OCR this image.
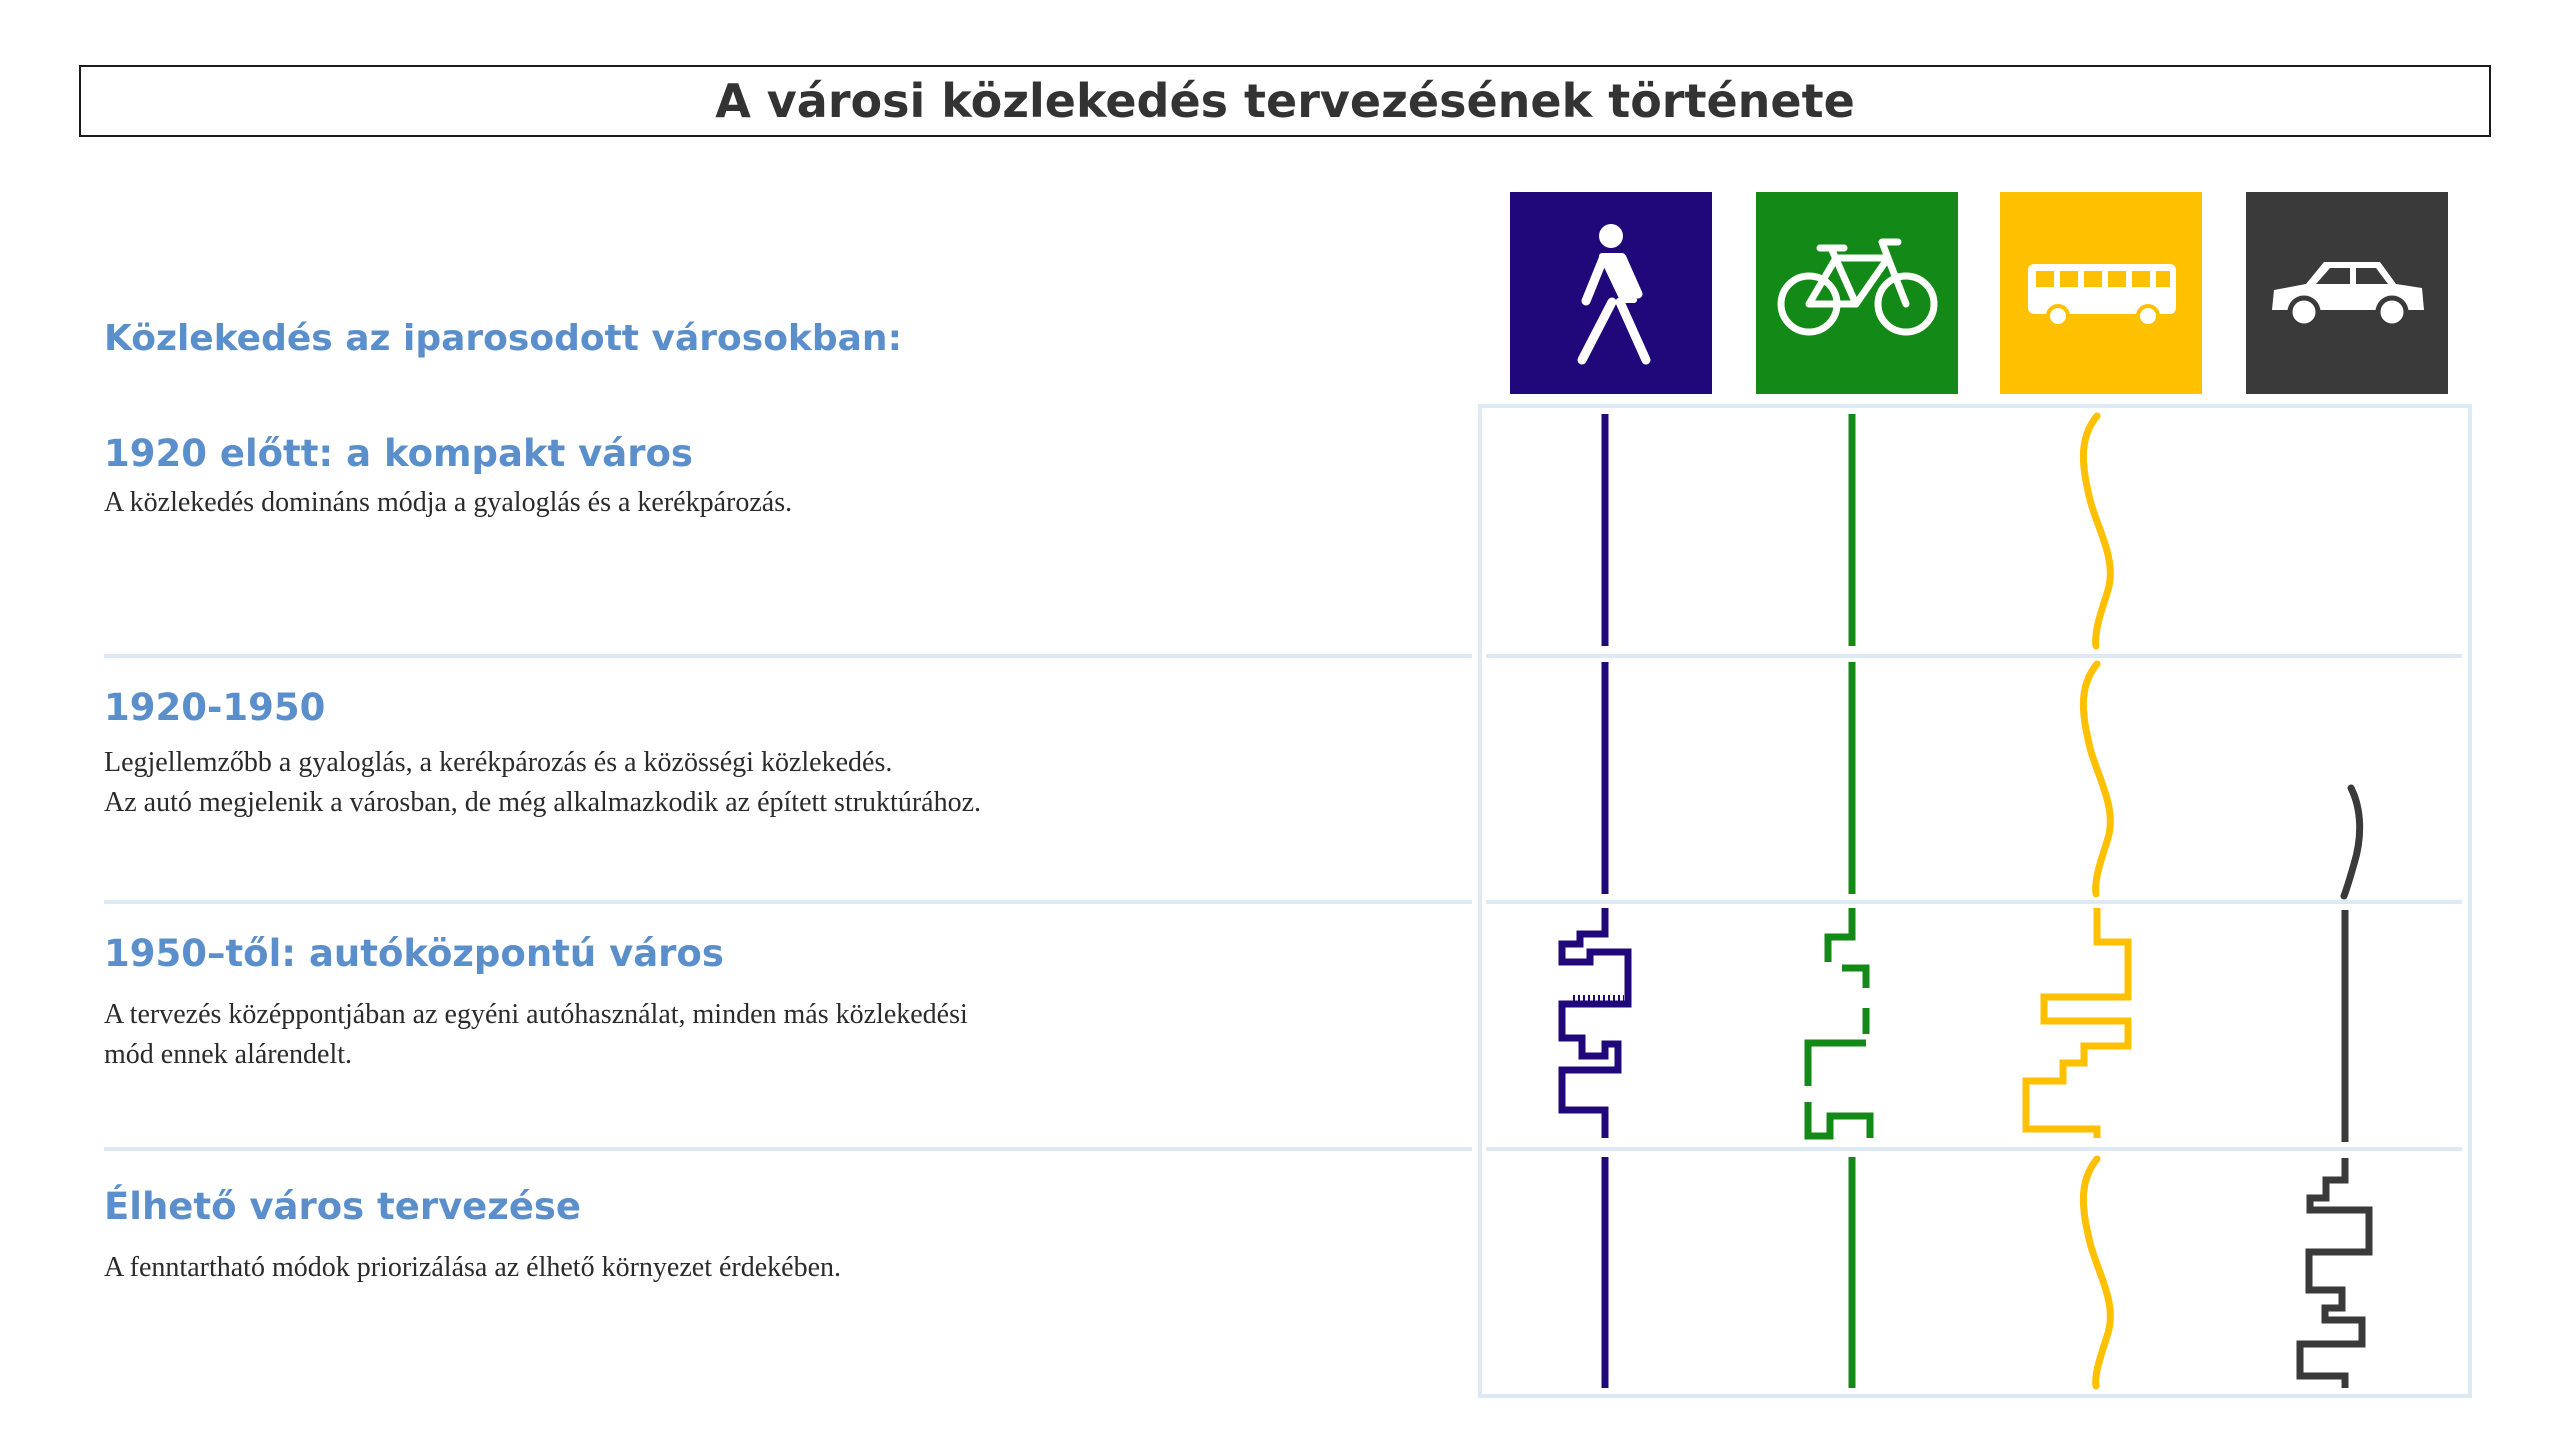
A városi közlekedés tervezésének története
Közlekedés az iparosodott városokban:
1920 előtt: a kompakt város

A közlekedés domináns módja a gyaloglás és a kerékpározás.

1920-1950

Legjellemzőbb a gyaloglás, a kerékpározás és a közösségi közlekedés.

Az autó megjelenik a városban, de még alkalmazkodik az épített struktúrához.

1950–től: autóközpontú város

A tervezés középpontjában az egyéni autóhasználat, minden más közlekedési

mód ennek alárendelt.

Élhető város tervezése

A fenntartható módok priorizálása az élhető környezet érdekében.
